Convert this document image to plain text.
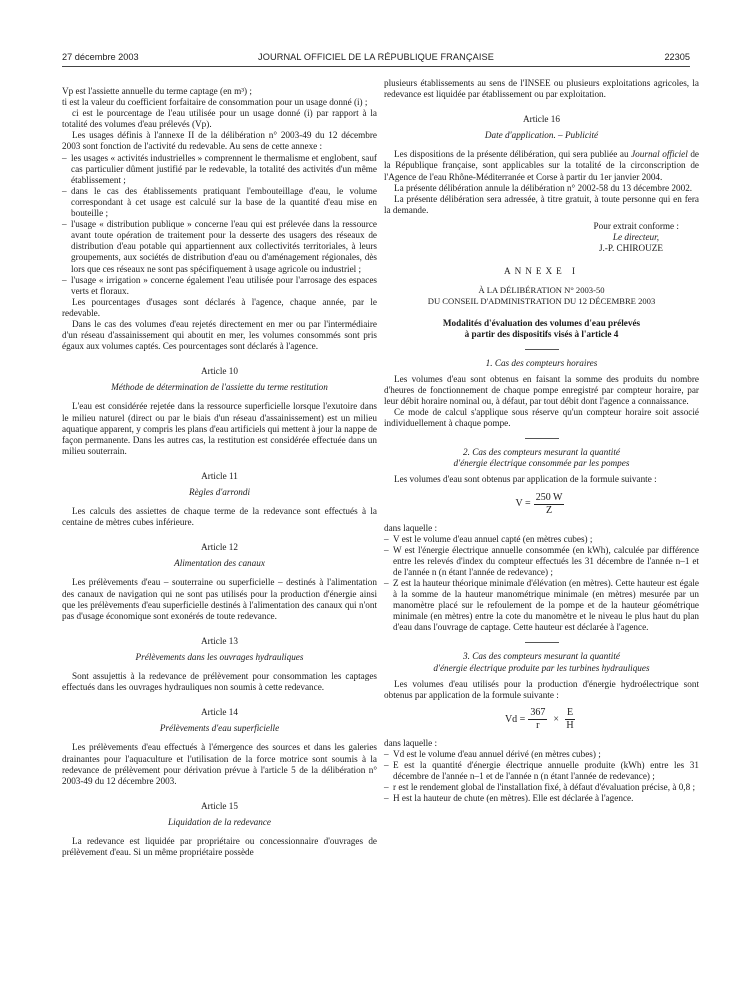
27 décembre 2003	JOURNAL OFFICIEL DE LA RÉPUBLIQUE FRANÇAISE	22305

Vp est l'assiette annuelle du terme captage (en m³) ;

ti est la valeur du coefficient forfaitaire de consommation pour un usage donné (i) ;

ci est le pourcentage de l'eau utilisée pour un usage donné (i) par rapport à la totalité des volumes d'eau prélevés (Vp).

Les usages définis à l'annexe II de la délibération n° 2003-49 du 12 décembre 2003 sont fonction de l'activité du redevable. Au sens de cette annexe :

– les usages « activités industrielles » comprennent le thermalisme et englobent, sauf cas particulier dûment justifié par le redevable, la totalité des activités d'un même établissement ;
– dans le cas des établissements pratiquant l'embouteillage d'eau, le volume correspondant à cet usage est calculé sur la base de la quantité d'eau mise en bouteille ;
– l'usage « distribution publique » concerne l'eau qui est prélevée dans la ressource avant toute opération de traitement pour la desserte des usagers des réseaux de distribution d'eau potable qui appartiennent aux collectivités territoriales, à leurs groupements, aux sociétés de distribution d'eau ou d'aménagement régionales, dès lors que ces réseaux ne sont pas spécifiquement à usage agricole ou industriel ;
– l'usage « irrigation » concerne également l'eau utilisée pour l'arrosage des espaces verts et floraux.

Les pourcentages d'usages sont déclarés à l'agence, chaque année, par le redevable.

Dans le cas des volumes d'eau rejetés directement en mer ou par l'intermédiaire d'un réseau d'assainissement qui aboutit en mer, les volumes consommés sont pris égaux aux volumes captés. Ces pourcentages sont déclarés à l'agence.

Article 10
Méthode de détermination de l'assiette du terme restitution

L'eau est considérée rejetée dans la ressource superficielle lorsque l'exutoire dans le milieu naturel (direct ou par le biais d'un réseau d'assainissement) est un milieu aquatique apparent, y compris les plans d'eau artificiels qui mettent à jour la nappe de façon permanente. Dans les autres cas, la restitution est considérée effectuée dans un milieu souterrain.

Article 11
Règles d'arrondi

Les calculs des assiettes de chaque terme de la redevance sont effectués à la centaine de mètres cubes inférieure.

Article 12
Alimentation des canaux

Les prélèvements d'eau – souterraine ou superficielle – destinés à l'alimentation des canaux de navigation qui ne sont pas utilisés pour la production d'énergie ainsi que les prélèvements d'eau superficielle destinés à l'alimentation des canaux qui n'ont pas d'usage économique sont exonérés de toute redevance.

Article 13
Prélèvements dans les ouvrages hydrauliques

Sont assujettis à la redevance de prélèvement pour consommation les captages effectués dans les ouvrages hydrauliques non soumis à cette redevance.

Article 14
Prélèvements d'eau superficielle

Les prélèvements d'eau effectués à l'émergence des sources et dans les galeries drainantes pour l'aquaculture et l'utilisation de la force motrice sont soumis à la redevance de prélèvement pour dérivation prévue à l'article 5 de la délibération n° 2003-49 du 12 décembre 2003.

Article 15
Liquidation de la redevance

La redevance est liquidée par propriétaire ou concessionnaire d'ouvrages de prélèvement d'eau. Si un même propriétaire possède

plusieurs établissements au sens de l'INSEE ou plusieurs exploitations agricoles, la redevance est liquidée par établissement ou par exploitation.

Article 16
Date d'application. – Publicité

Les dispositions de la présente délibération, qui sera publiée au Journal officiel de la République française, sont applicables sur la totalité de la circonscription de l'Agence de l'eau Rhône-Méditerranée et Corse à partir du 1er janvier 2004.

La présente délibération annule la délibération n° 2002-58 du 13 décembre 2002.

La présente délibération sera adressée, à titre gratuit, à toute personne qui en fera la demande.

Pour extrait conforme :
Le directeur,
J.-P. CHIROUZE
ANNEXE I
À LA DÉLIBÉRATION N° 2003-50
DU CONSEIL D'ADMINISTRATION DU 12 DÉCEMBRE 2003
Modalités d'évaluation des volumes d'eau prélevés
à partir des dispositifs visés à l'article 4
1. Cas des compteurs horaires

Les volumes d'eau sont obtenus en faisant la somme des produits du nombre d'heures de fonctionnement de chaque pompe enregistré par compteur horaire, par leur débit horaire nominal ou, à défaut, par tout débit dont l'agence a connaissance.

Ce mode de calcul s'applique sous réserve qu'un compteur horaire soit associé individuellement à chaque pompe.

2. Cas des compteurs mesurant la quantité
d'énergie électrique consommée par les pompes

Les volumes d'eau sont obtenus par application de la formule suivante :

$V = \frac{250 W}{Z}$

dans laquelle :

– V est le volume d'eau annuel capté (en mètres cubes) ;
– W est l'énergie électrique annuelle consommée (en kWh), calculée par différence entre les relevés d'index du compteur effectués les 31 décembre de l'année n–1 et de l'année n (n étant l'année de redevance) ;
– Z est la hauteur théorique minimale d'élévation (en mètres). Cette hauteur est égale à la somme de la hauteur manométrique minimale (en mètres) mesurée par un manomètre placé sur le refoulement de la pompe et de la hauteur géométrique minimale (en mètres) entre la cote du manomètre et le niveau le plus haut du plan d'eau dans l'ouvrage de captage. Cette hauteur est déclarée à l'agence.
3. Cas des compteurs mesurant la quantité
d'énergie électrique produite par les turbines hydrauliques

Les volumes d'eau utilisés pour la production d'énergie hydroélectrique sont obtenus par application de la formule suivante :

$Vd = \frac{367}{r} \times \frac{E}{H}$

dans laquelle :

– Vd est le volume d'eau annuel dérivé (en mètres cubes) ;
– E est la quantité d'énergie électrique annuelle produite (kWh) entre les 31 décembre de l'année n–1 et de l'année n (n étant l'année de redevance) ;
– r est le rendement global de l'installation fixé, à défaut d'évaluation précise, à 0,8 ;
– H est la hauteur de chute (en mètres). Elle est déclarée à l'agence.
